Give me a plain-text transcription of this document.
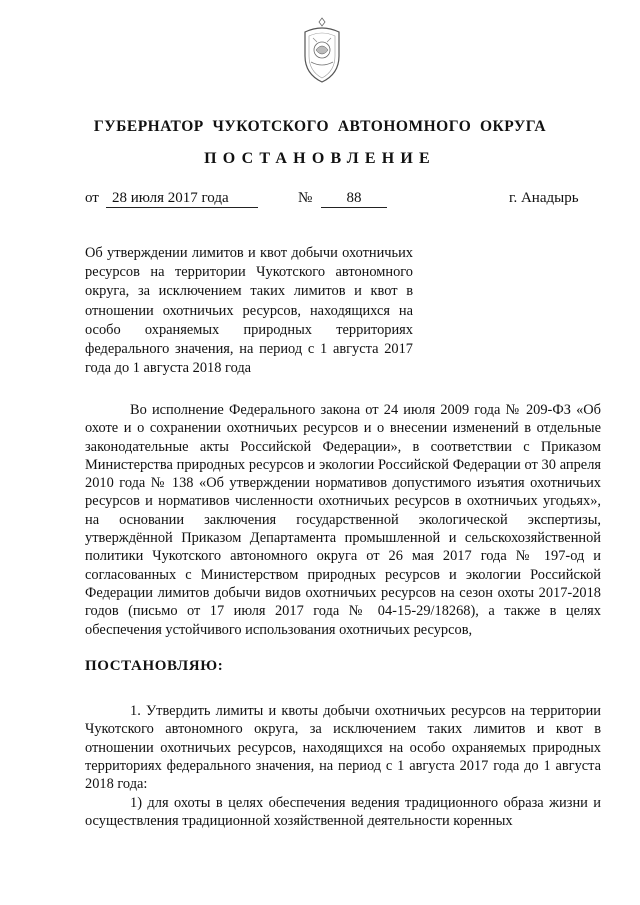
ГУБЕРНАТОР  ЧУКОТСКОГО  АВТОНОМНОГО  ОКРУГА
ПОСТАНОВЛЕНИЕ
от 28 июля 2017 года	№	88	г. Анадырь
Об утверждении лимитов и квот добычи охотничьих ресурсов на территории Чукотского автономного округа, за исключением таких лимитов и квот в отношении охотничьих ресурсов, находящихся на особо охраняемых природных территориях федерального значения, на период с 1 августа 2017 года до 1 августа 2018 года

Во исполнение Федерального закона от 24 июля 2009 года № 209-ФЗ «Об охоте и о сохранении охотничьих ресурсов и о внесении изменений в отдельные законодательные акты Российской Федерации», в соответствии с Приказом Министерства природных ресурсов и экологии Российской Федерации от 30 апреля 2010 года № 138 «Об утверждении нормативов допустимого изъятия охотничьих ресурсов и нормативов численности охотничьих ресурсов в охотничьих угодьях», на основании заключения государственной экологической экспертизы, утверждённой Приказом Департамента промышленной и сельскохозяйственной политики Чукотского автономного округа от 26 мая 2017 года № 197-од и согласованных с Министерством природных ресурсов и экологии Российской Федерации лимитов добычи видов охотничьих ресурсов на сезон охоты 2017-2018 годов (письмо от 17 июля 2017 года № 04-15-29/18268), а также в целях обеспечения устойчивого использования охотничьих ресурсов,

ПОСТАНОВЛЯЮ:

1. Утвердить лимиты и квоты добычи охотничьих ресурсов на территории Чукотского автономного округа, за исключением таких лимитов и квот в отношении охотничьих ресурсов, находящихся на особо охраняемых природных территориях федерального значения, на период с 1 августа 2017 года до 1 августа 2018 года:

1) для охоты в целях обеспечения ведения традиционного образа жизни и осуществления традиционной хозяйственной деятельности коренных
